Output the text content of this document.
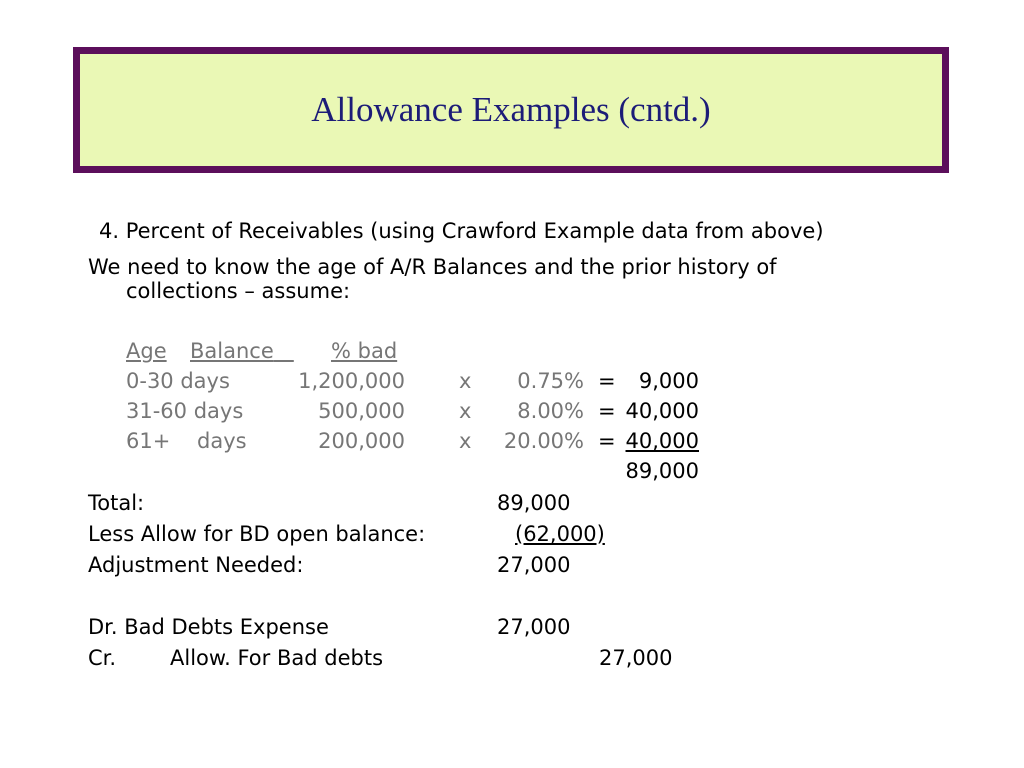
Allowance Examples (cntd.)
4. Percent of Receivables (using Crawford Example data from above)
We need to know the age of A/R Balances and the prior history of
collections – assume:
Age Balance	% bad
0-30 days	1,200,000	x	0.75% =	9,000
31-60 days	500,000	x	8.00% = 40,000
61+    days	200,000	x	20.00% = 40,000
89,000
Total:	89,000
Less Allow for BD open balance:	(62,000)
Adjustment Needed:	27,000
Dr. Bad Debts Expense	27,000
Cr.	Allow. For Bad debts	27,000
